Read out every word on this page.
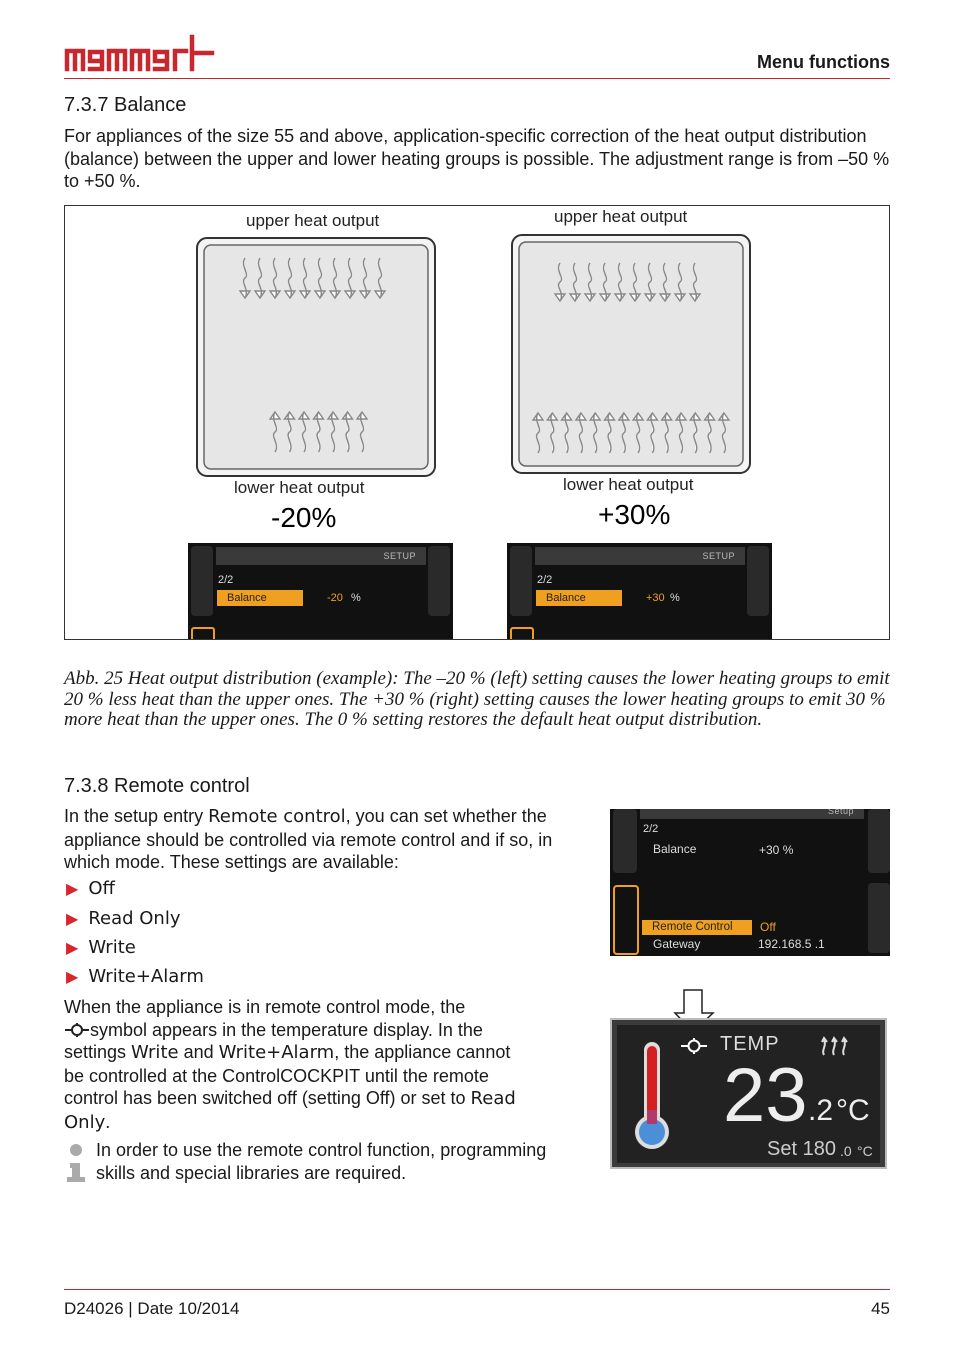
Menu functions
7.3.7 Balance
For appliances of the size 55 and above, application-specific correction of the heat output distribution (balance) between the upper and lower heating groups is possible. The adjustment range is from –50 % to +50 %.
upper heat output	upper heat output
lower heat output	lower heat output
-20%	+30%
SETUP
2/2
Balance	-20 %
SETUP
2/2
Balance	+30 %
Abb. 25 Heat output distribution (example): The –20 % (left) setting causes the lower heating groups to emit 20 % less heat than the upper ones. The +30 % (right) setting causes the lower heating groups to emit 30 % more heat than the upper ones. The 0 % setting restores the default heat output distribution.
7.3.8 Remote control
In the setup entry Remote control, you can set whether the appliance should be controlled via remote control and if so, in which mode. These settings are available:
▶ Off
▶ Read Only
▶ Write
▶ Write+Alarm
When the appliance is in remote control mode, the
symbol appears in the temperature display. In the
settings Write and Write+Alarm, the appliance cannot
be controlled at the ControlCOCKPIT until the remote
control has been switched off (setting Off) or set to Read
Only.
In order to use the remote control function, programming skills and special libraries are required.
Setup
2/2
Balance	+30 %
Remote Control	Off
Gateway	192.168.5 .1
TEMP
23 .2 °C
Set 180 .0 °C
D24026 | Date 10/2014	45
